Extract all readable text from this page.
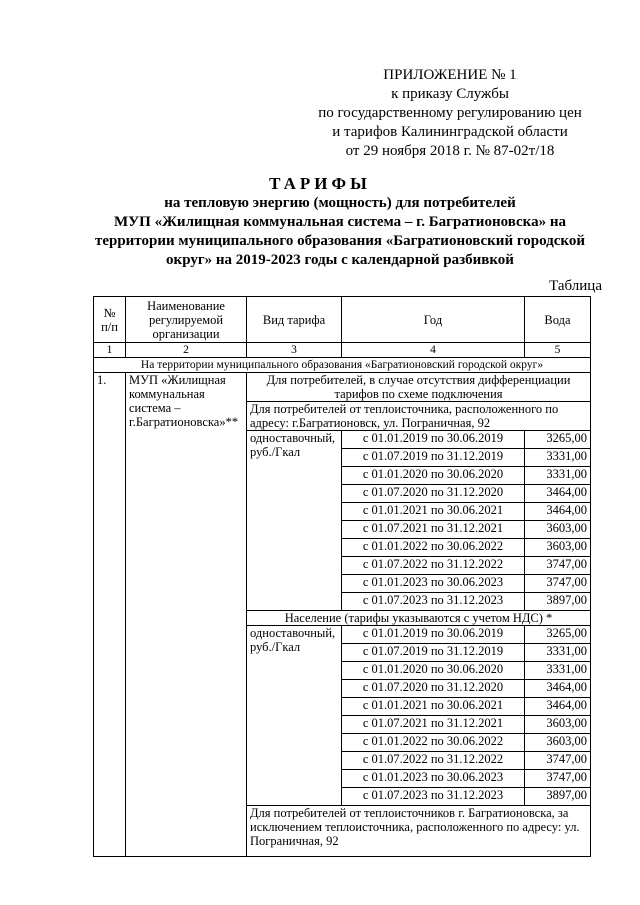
ПРИЛОЖЕНИЕ № 1
к приказу Службы
по государственному регулированию цен
и тарифов Калининградской области
от 29 ноября 2018 г. № 87-02т/18
ТАРИФЫ
на тепловую энергию (мощность) для потребителей
МУП «Жилищная коммунальная система – г. Багратионовска» на
территории муниципального образования «Багратионовский городской
округ» на 2019-2023 годы с календарной разбивкой
Таблица
№ п/п	Наименование регулируемой организации	Вид тарифа	Год	Вода
1	2	3	4	5
На территории муниципального образования «Багратионовский городской округ»				
1.	МУП «Жилищная коммунальная система – г.Багратионовска»**	Для потребителей, в случае отсутствия дифференциации тарифов по схеме подключения		
		Для потребителей от теплоисточника, расположенного по адресу: г.Багратионовск, ул. Пограничная, 92		
		одноставочный, руб./Гкал	с 01.01.2019 по 30.06.2019	3265,00
			с 01.07.2019 по 31.12.2019	3331,00
			с 01.01.2020 по 30.06.2020	3331,00
			с 01.07.2020 по 31.12.2020	3464,00
			с 01.01.2021 по 30.06.2021	3464,00
			с 01.07.2021 по 31.12.2021	3603,00
			с 01.01.2022 по 30.06.2022	3603,00
			с 01.07.2022 по 31.12.2022	3747,00
			с 01.01.2023 по 30.06.2023	3747,00
			с 01.07.2023 по 31.12.2023	3897,00
		Население (тарифы указываются с учетом НДС) *		
		одноставочный, руб./Гкал	с 01.01.2019 по 30.06.2019	3265,00
			с 01.07.2019 по 31.12.2019	3331,00
			с 01.01.2020 по 30.06.2020	3331,00
			с 01.07.2020 по 31.12.2020	3464,00
			с 01.01.2021 по 30.06.2021	3464,00
			с 01.07.2021 по 31.12.2021	3603,00
			с 01.01.2022 по 30.06.2022	3603,00
			с 01.07.2022 по 31.12.2022	3747,00
			с 01.01.2023 по 30.06.2023	3747,00
			с 01.07.2023 по 31.12.2023	3897,00
		Для потребителей от теплоисточников г. Багратионовска, за исключением теплоисточника, расположенного по адресу: ул. Пограничная, 92		
